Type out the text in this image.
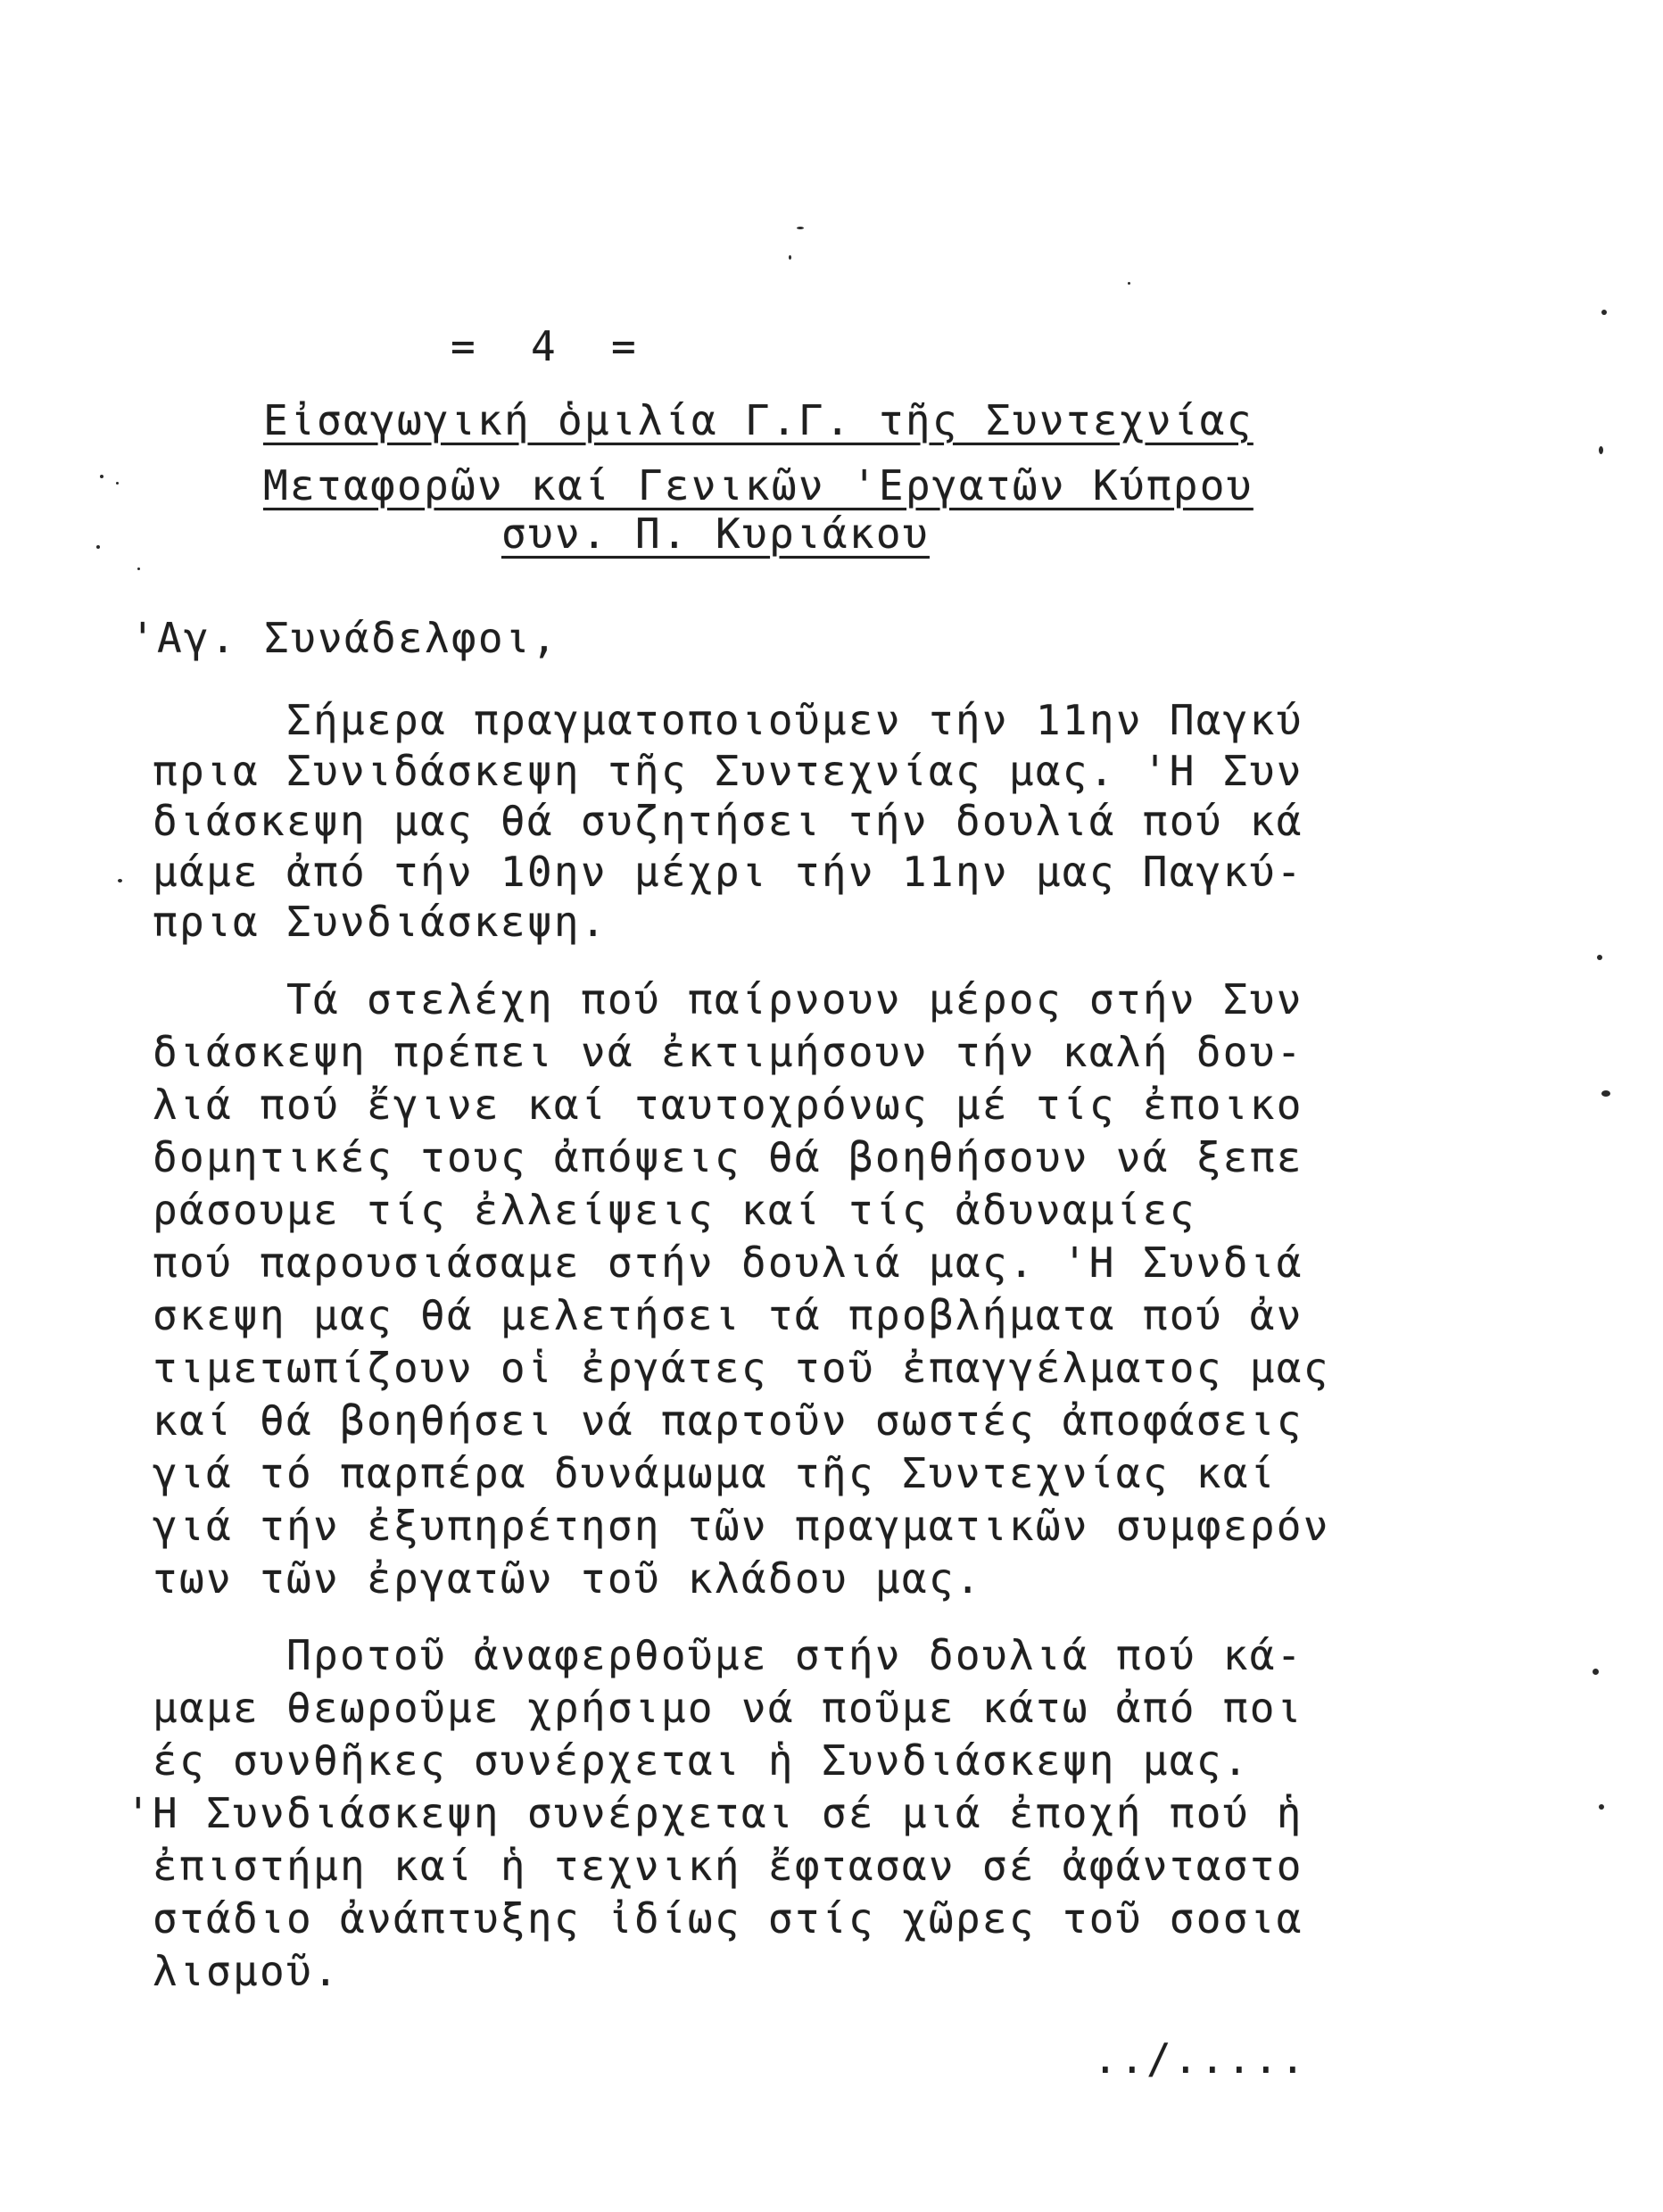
= 4 =
Εἰσαγωγική ὁμιλία Γ.Γ. τῆς Συντεχνίας
Μεταφορῶν καί Γενικῶν 'Εργατῶν Κύπρου
συν. Π. Κυριάκου
'Αγ. Συνάδελφοι,
Σήμερα πραγματοποιοῦμεν τήν 11ην Παγκύ
πρια Συνιδάσκεψη τῆς Συντεχνίας μας. 'Η Συν
διάσκεψη μας θά συζητήσει τήν δουλιά πού κά
μάμε ἀπό τήν 10ην μέχρι τήν 11ην μας Παγκύ-
πρια Συνδιάσκεψη.
Τά στελέχη πού παίρνουν μέρος στήν Συν
διάσκεψη πρέπει νά ἐκτιμήσουν τήν καλή δου-
λιά πού ἔγινε καί ταυτοχρόνως μέ τίς ἐποικο
δομητικές τους ἀπόψεις θά βοηθήσουν νά ξεπε
ράσουμε τίς ἐλλείψεις καί τίς ἀδυναμίες
πού παρουσιάσαμε στήν δουλιά μας. 'Η Συνδιά
σκεψη μας θά μελετήσει τά προβλήματα πού ἀν
τιμετωπίζουν οἱ ἐργάτες τοῦ ἐπαγγέλματος μας
καί θά βοηθήσει νά παρτοῦν σωστές ἀποφάσεις
γιά τό παρπέρα δυνάμωμα τῆς Συντεχνίας καί
γιά τήν ἐξυπηρέτηση τῶν πραγματικῶν συμφερόν
των τῶν ἐργατῶν τοῦ κλάδου μας.
Προτοῦ ἀναφερθοῦμε στήν δουλιά πού κά-
μαμε θεωροῦμε χρήσιμο νά ποῦμε κάτω ἀπό ποι
ές συνθῆκες συνέρχεται ἡ Συνδιάσκεψη μας.
'Η Συνδιάσκεψη συνέρχεται σέ μιά ἐποχή πού ἡ
ἐπιστήμη καί ἡ τεχνική ἔφτασαν σέ ἀφάνταστο
στάδιο ἀνάπτυξης ἰδίως στίς χῶρες τοῦ σοσια
λισμοῦ.
../.....
